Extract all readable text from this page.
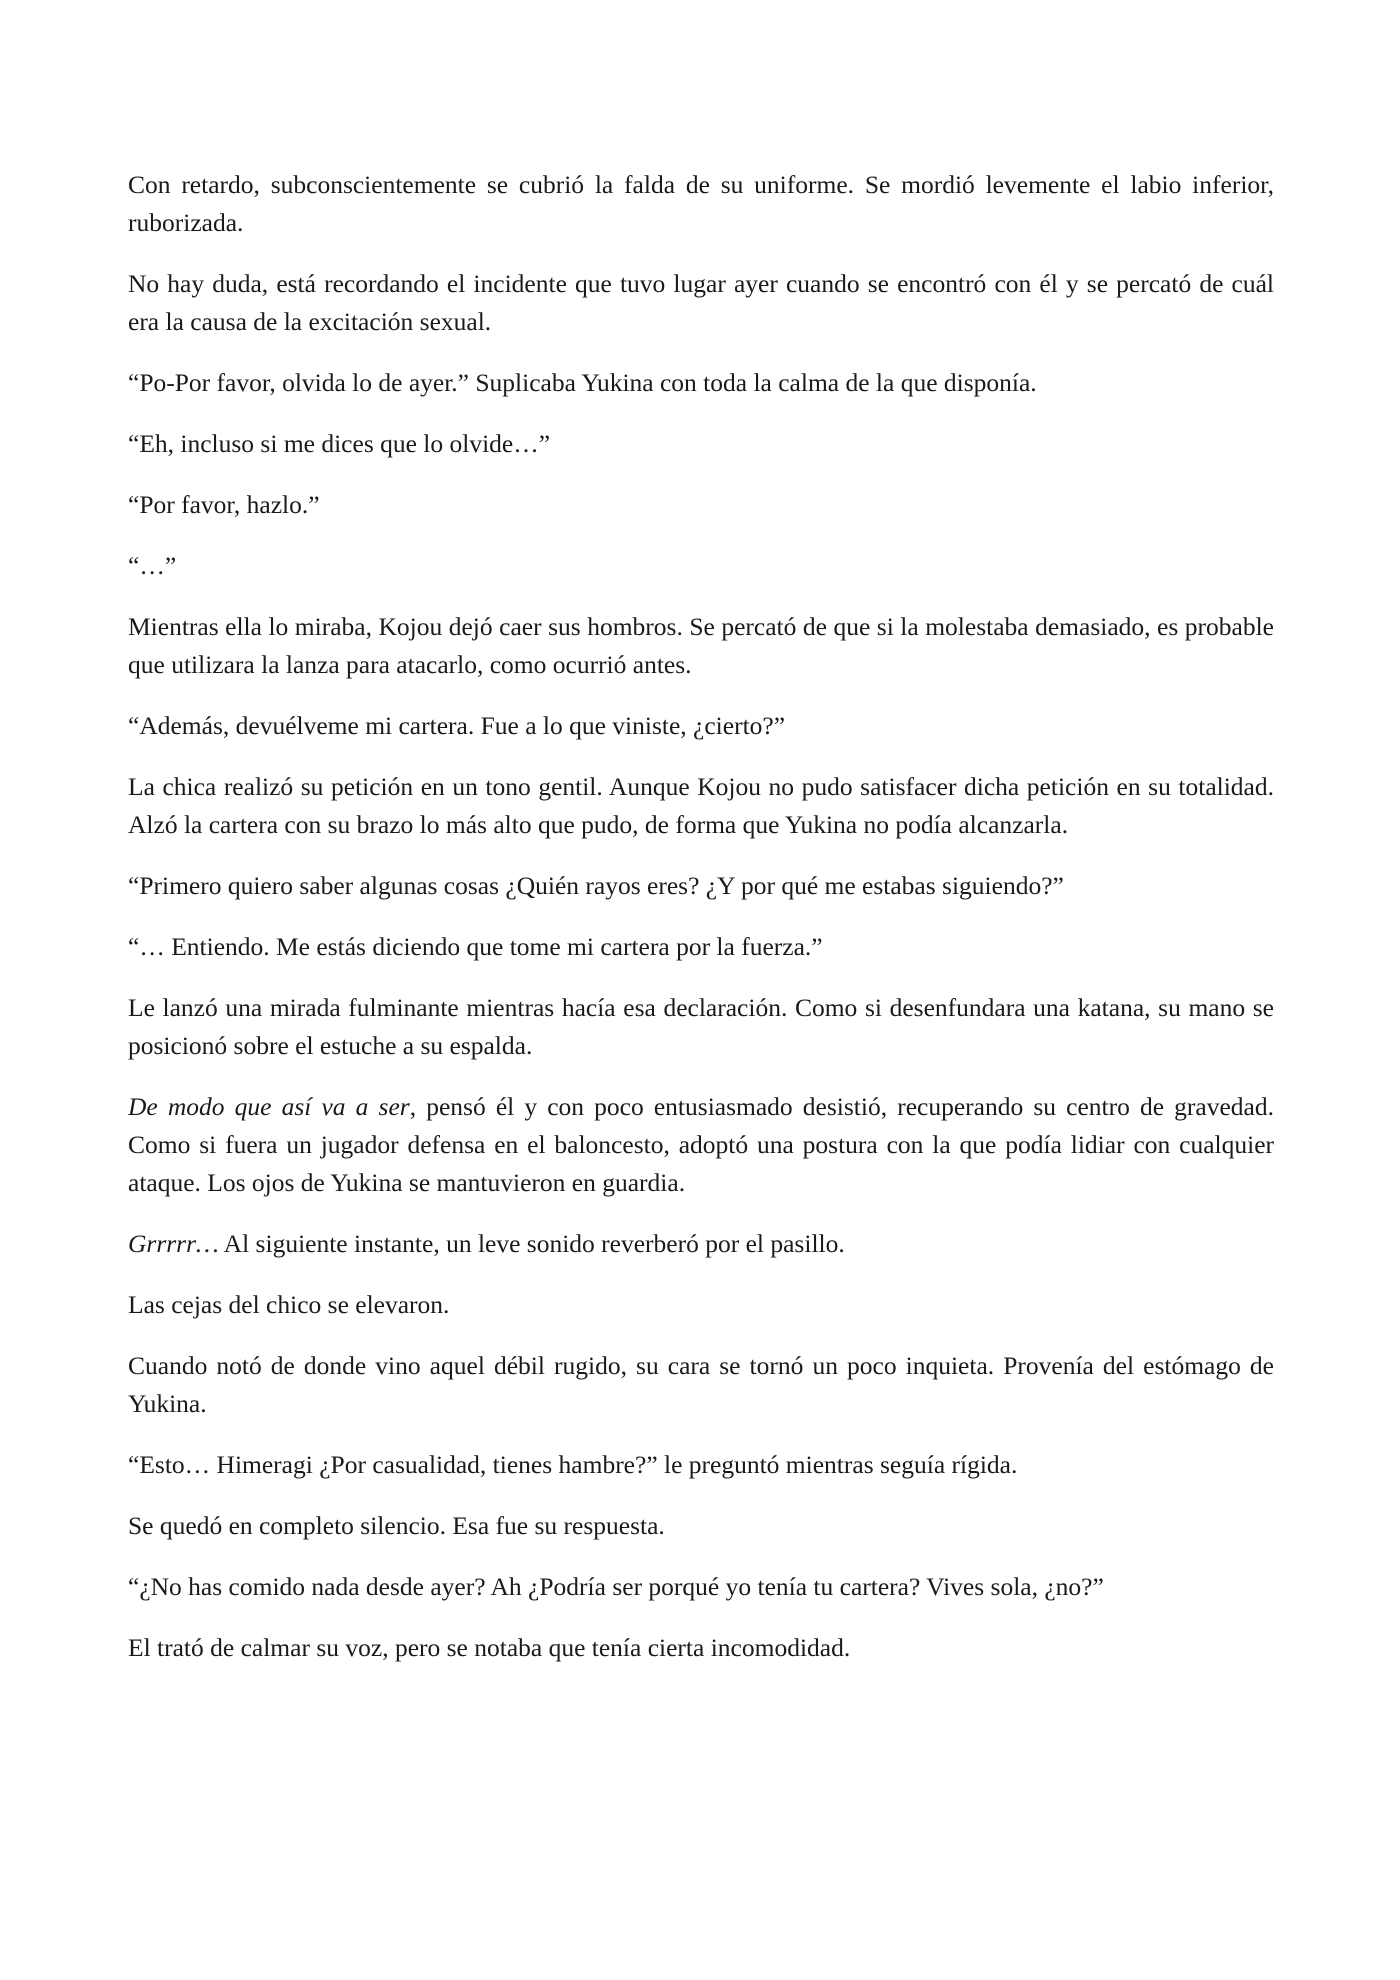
Con retardo, subconscientemente se cubrió la falda de su uniforme. Se mordió levemente el labio inferior, ruborizada.

No hay duda, está recordando el incidente que tuvo lugar ayer cuando se encontró con él y se percató de cuál era la causa de la excitación sexual.

“Po-Por favor, olvida lo de ayer.” Suplicaba Yukina con toda la calma de la que disponía.

“Eh, incluso si me dices que lo olvide…”

“Por favor, hazlo.”

“…”

Mientras ella lo miraba, Kojou dejó caer sus hombros. Se percató de que si la molestaba demasiado, es probable que utilizara la lanza para atacarlo, como ocurrió antes.

“Además, devuélveme mi cartera. Fue a lo que viniste, ¿cierto?”

La chica realizó su petición en un tono gentil. Aunque Kojou no pudo satisfacer dicha petición en su totalidad. Alzó la cartera con su brazo lo más alto que pudo, de forma que Yukina no podía alcanzarla.

“Primero quiero saber algunas cosas ¿Quién rayos eres? ¿Y por qué me estabas siguiendo?”

“… Entiendo. Me estás diciendo que tome mi cartera por la fuerza.”

Le lanzó una mirada fulminante mientras hacía esa declaración. Como si desenfundara una katana, su mano se posicionó sobre el estuche a su espalda.

De modo que así va a ser, pensó él y con poco entusiasmado desistió, recuperando su centro de gravedad. Como si fuera un jugador defensa en el baloncesto, adoptó una postura con la que podía lidiar con cualquier ataque. Los ojos de Yukina se mantuvieron en guardia.

Grrrrr… Al siguiente instante, un leve sonido reverberó por el pasillo.

Las cejas del chico se elevaron.

Cuando notó de donde vino aquel débil rugido, su cara se tornó un poco inquieta. Provenía del estómago de Yukina.

“Esto… Himeragi ¿Por casualidad, tienes hambre?” le preguntó mientras seguía rígida.

Se quedó en completo silencio. Esa fue su respuesta.

“¿No has comido nada desde ayer? Ah ¿Podría ser porqué yo tenía tu cartera? Vives sola, ¿no?”

El trató de calmar su voz, pero se notaba que tenía cierta incomodidad.
